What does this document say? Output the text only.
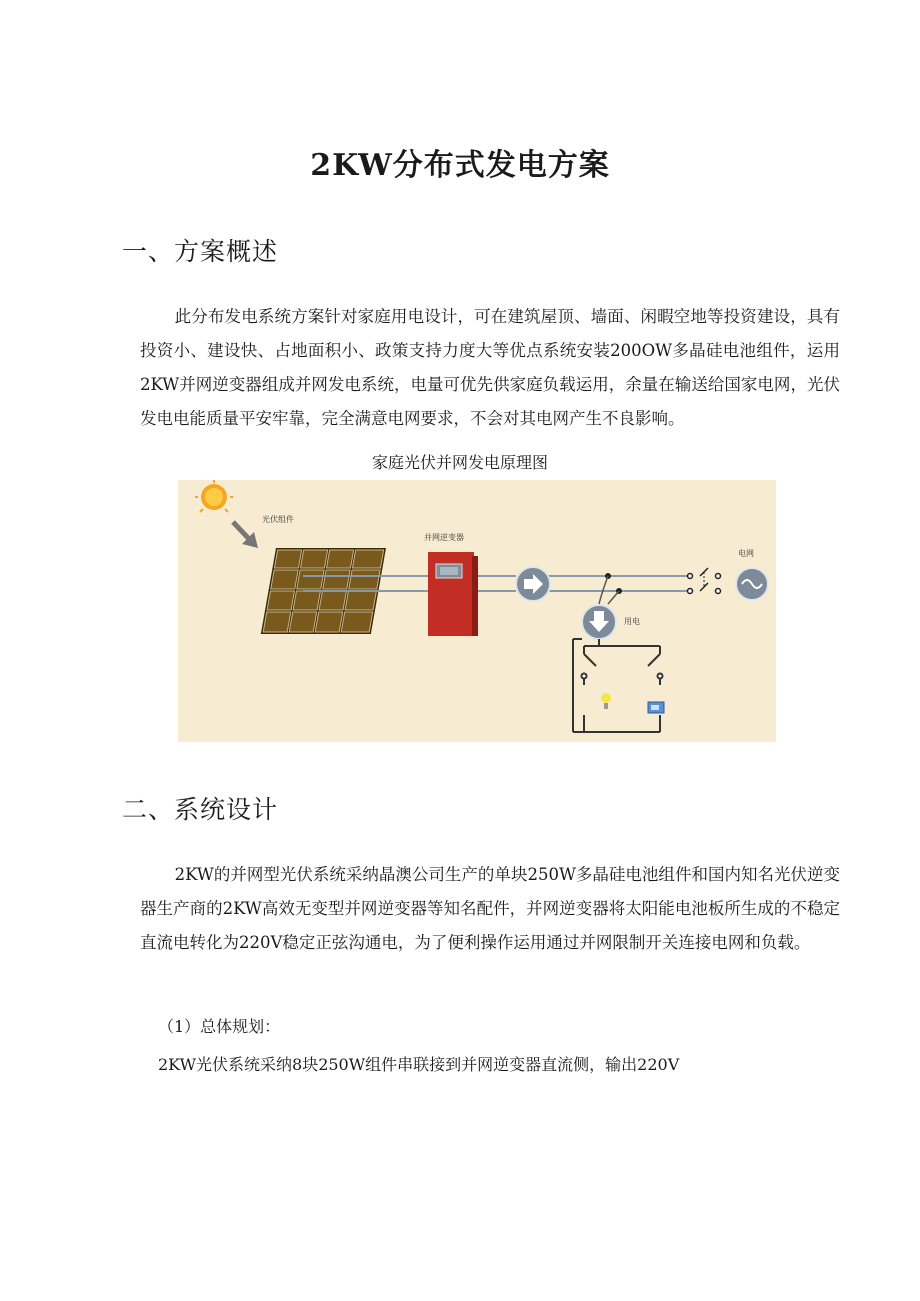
2KW分布式发电方案
一、方案概述
此分布发电系统方案针对家庭用电设计，可在建筑屋顶、墙面、闲暇空地等投资建设，具有投资小、建设快、占地面积小、政策支持力度大等优点系统安装200OW多晶硅电池组件，运用2KW并网逆变器组成并网发电系统，电量可优先供家庭负载运用，余量在输送给国家电网，光伏发电电能质量平安牢靠，完全满意电网要求，不会对其电网产生不良影响。
家庭光伏并网发电原理图
光伏组件
并网逆变器
电网
用电
二、系统设计
2KW的并网型光伏系统采纳晶澳公司生产的单块250W多晶硅电池组件和国内知名光伏逆变器生产商的2KW高效无变型并网逆变器等知名配件，并网逆变器将太阳能电池板所生成的不稳定直流电转化为220V稳定正弦沟通电，为了便利操作运用通过并网限制开关连接电网和负载。
（1）总体规划：
2KW光伏系统采纳8块250W组件串联接到并网逆变器直流侧，输出220V
